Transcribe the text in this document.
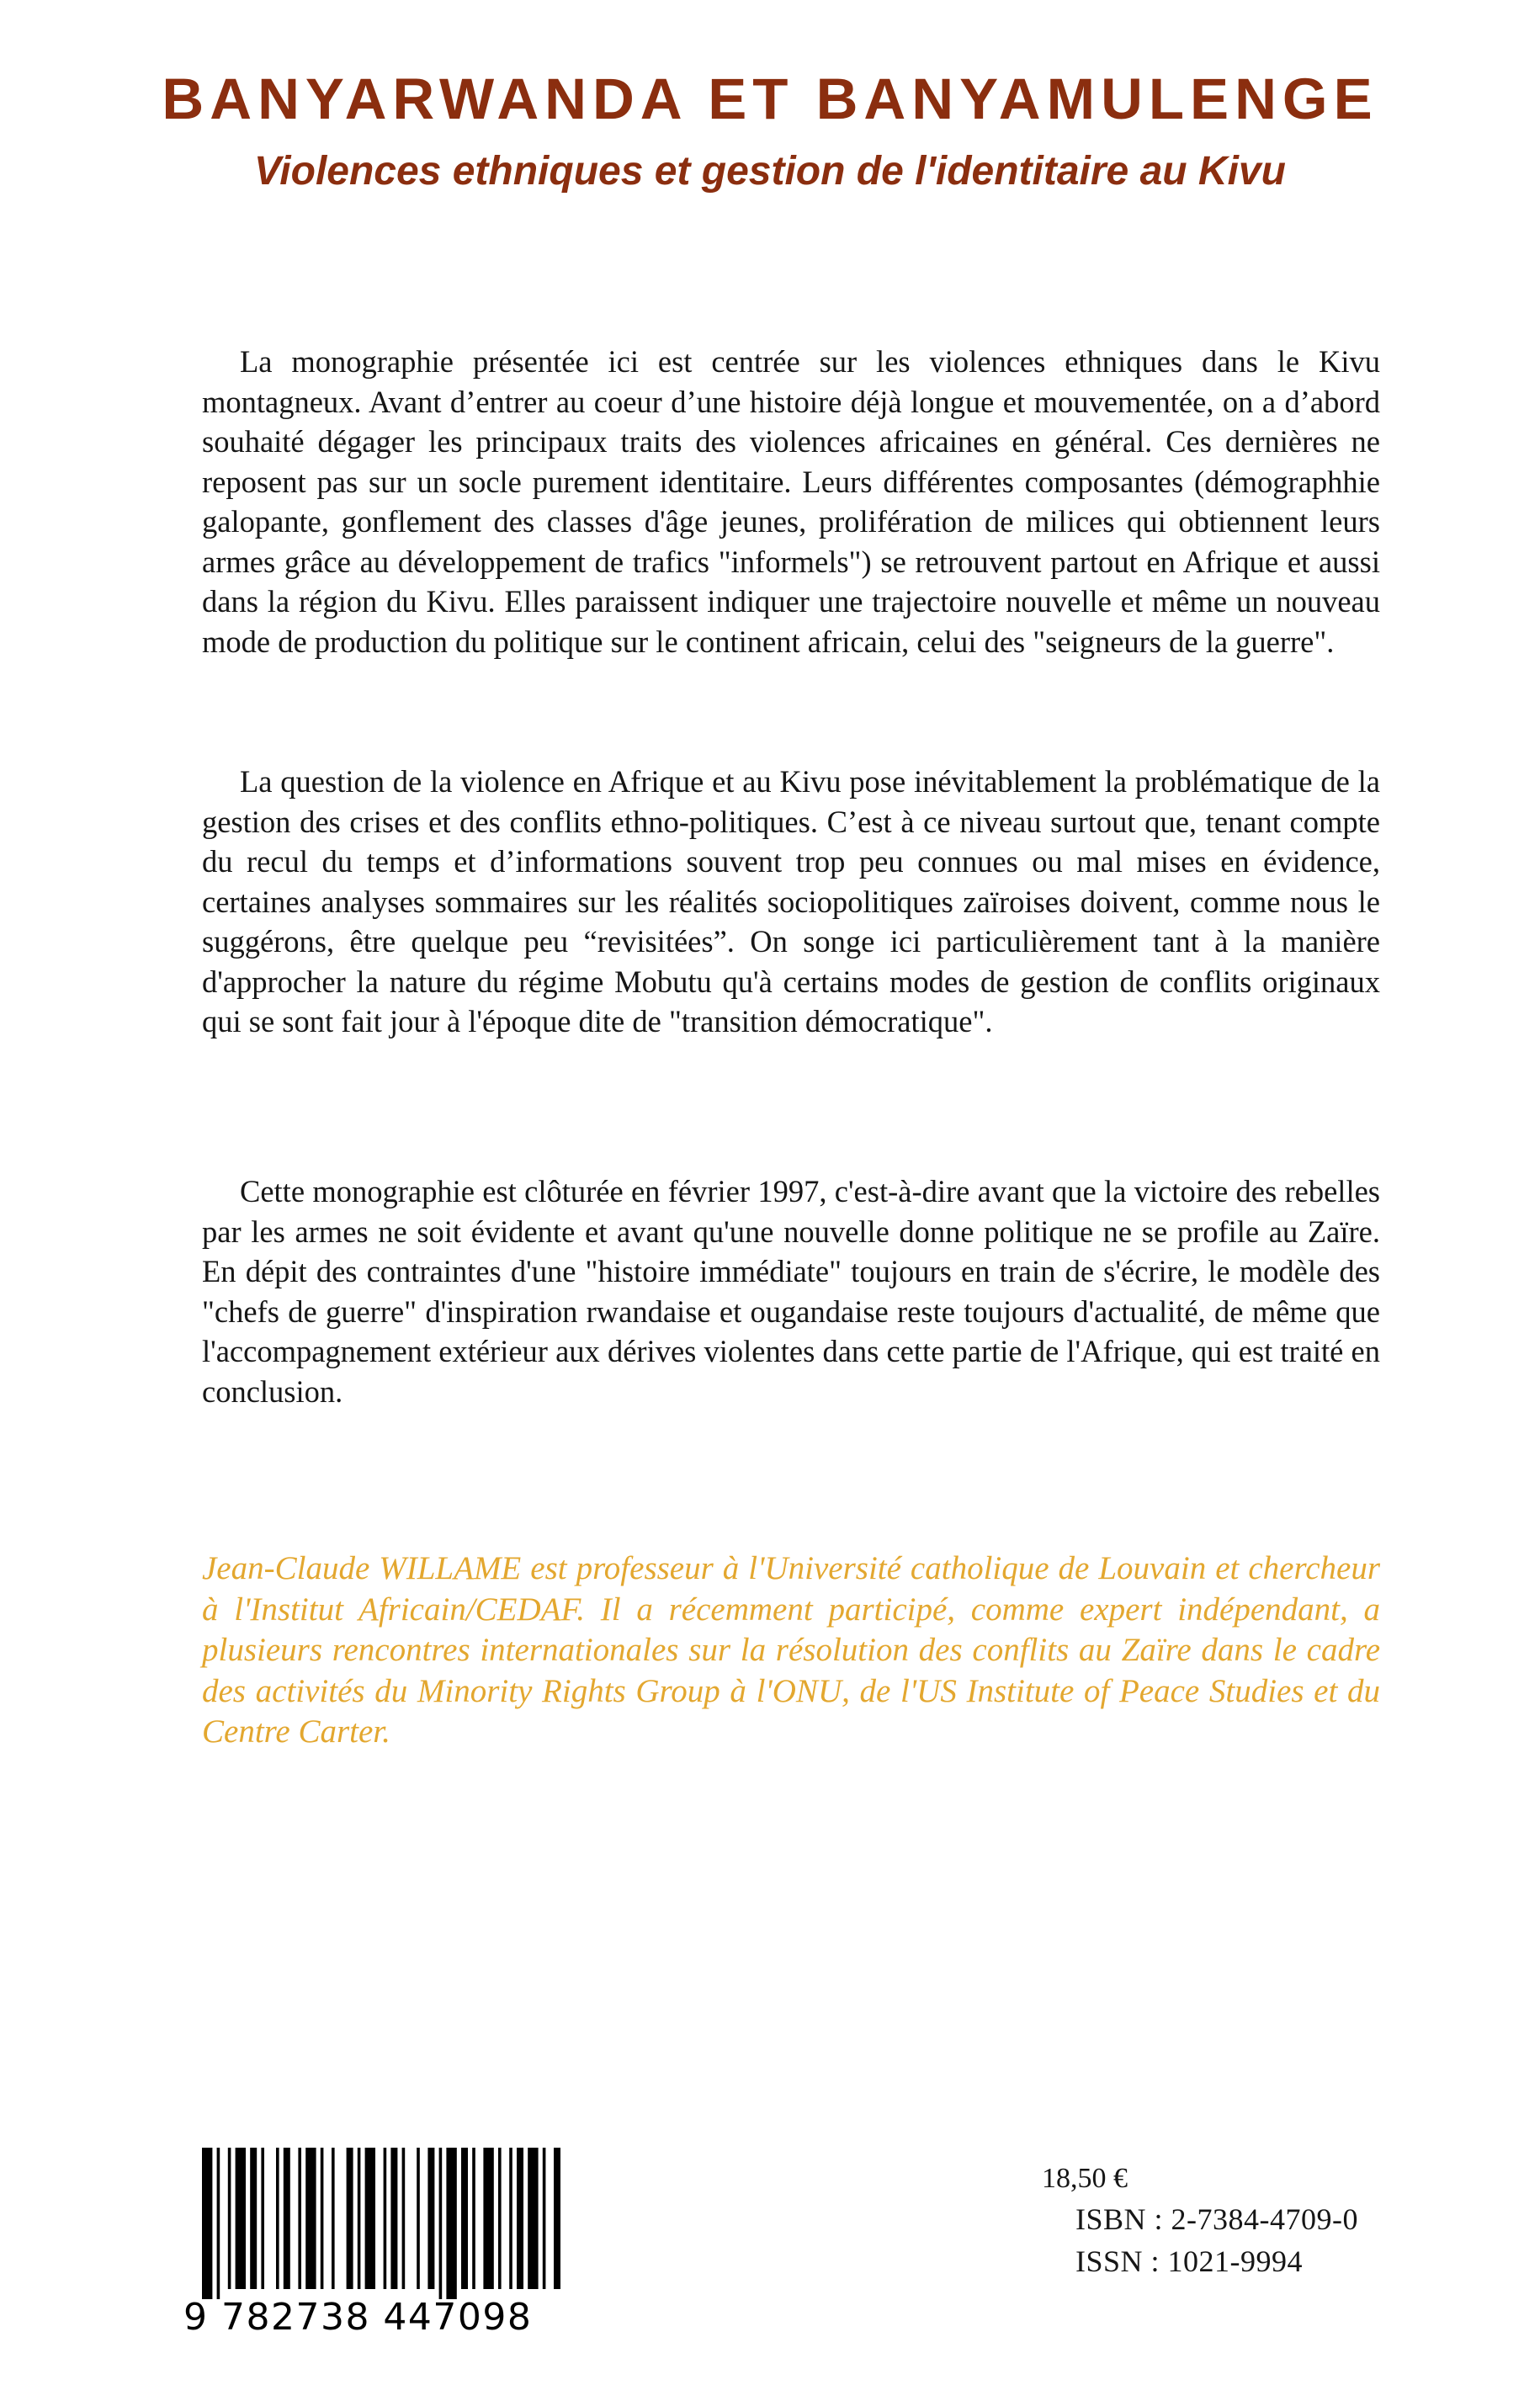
BANYARWANDA ET BANYAMULENGE
Violences ethniques et gestion de l'identitaire au Kivu

La monographie présentée ici est centrée sur les violences ethniques dans le Kivu montagneux. Avant d’entrer au coeur d’une histoire déjà longue et mouvementée, on a d’abord souhaité dégager les principaux traits des violences africaines en général. Ces dernières ne reposent pas sur un socle purement identitaire. Leurs différentes composantes (démographhie galopante, gonflement des classes d'âge jeunes, prolifération de milices qui obtiennent leurs armes grâce au développement de trafics "informels") se retrouvent partout en Afrique et aussi dans la région du Kivu. Elles paraissent indiquer une trajectoire nouvelle et même un nouveau mode de production du politique sur le continent africain, celui des "seigneurs de la guerre".

La question de la violence en Afrique et au Kivu pose inévitablement la problématique de la gestion des crises et des conflits ethno-politiques. C’est à ce niveau surtout que, tenant compte du recul du temps et d’informations souvent trop peu connues ou mal mises en évidence, certaines analyses sommaires sur les réalités sociopolitiques zaïroises doivent, comme nous le suggérons, être quelque peu “revisitées”. On songe ici particulièrement tant à la manière d'approcher la nature du régime Mobutu qu'à certains modes de gestion de conflits originaux qui se sont fait jour à l'époque dite de "transition démocratique".

Cette monographie est clôturée en février 1997, c'est-à-dire avant que la victoire des rebelles par les armes ne soit évidente et avant qu'une nouvelle donne politique ne se profile au Zaïre. En dépit des contraintes d'une "histoire immédiate" toujours en train de s'écrire, le modèle des "chefs de guerre" d'inspiration rwandaise et ougandaise reste toujours d'actualité, de même que l'accompagnement extérieur aux dérives violentes dans cette partie de l'Afrique, qui est traité en conclusion.

Jean-Claude WILLAME est professeur à l'Université catholique de Louvain et chercheur à l'Institut Africain/CEDAF. Il a récemment participé, comme expert indépendant, a plusieurs rencontres internationales sur la résolution des conflits au Zaïre dans le cadre des activités du Minority Rights Group à l'ONU, de l'US Institute of Peace Studies et du Centre Carter.

9 782738 447098
18,50 €
ISBN : 2-7384-4709-0
ISSN : 1021-9994
